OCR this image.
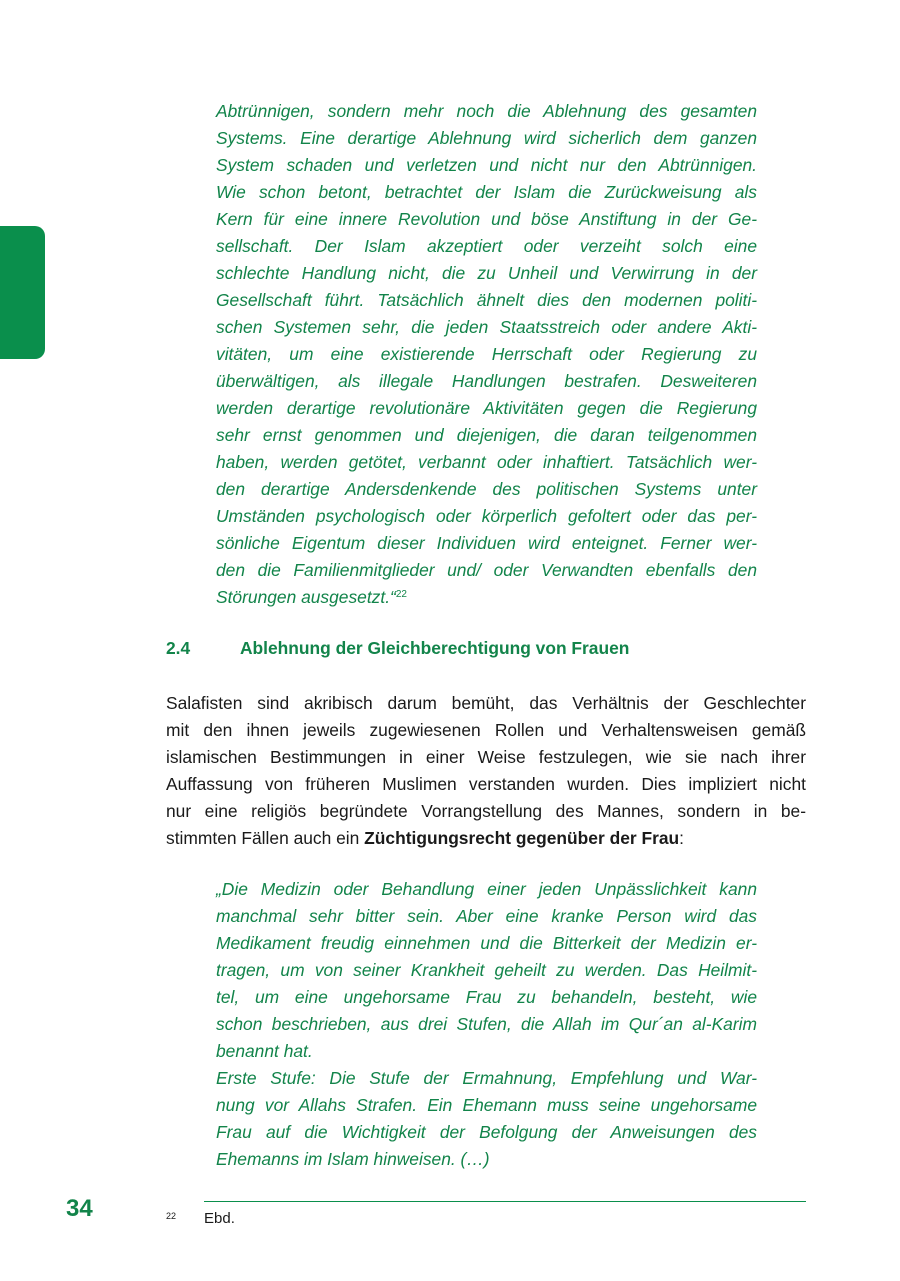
Abtrünnigen, sondern mehr noch die Ablehnung des gesamten
Systems. Eine derartige Ablehnung wird sicherlich dem ganzen
System schaden und verletzen und nicht nur den Abtrünnigen.
Wie schon betont, betrachtet der Islam die Zurückweisung als
Kern für eine innere Revolution und böse Anstiftung in der Ge-
sellschaft. Der Islam akzeptiert oder verzeiht solch eine
schlechte Handlung nicht, die zu Unheil und Verwirrung in der
Gesellschaft führt. Tatsächlich ähnelt dies den modernen politi-
schen Systemen sehr, die jeden Staatsstreich oder andere Akti-
vitäten, um eine existierende Herrschaft oder Regierung zu
überwältigen, als illegale Handlungen bestrafen. Desweiteren
werden derartige revolutionäre Aktivitäten gegen die Regierung
sehr ernst genommen und diejenigen, die daran teilgenommen
haben, werden getötet, verbannt oder inhaftiert. Tatsächlich wer-
den derartige Andersdenkende des politischen Systems unter
Umständen psychologisch oder körperlich gefoltert oder das per-
sönliche Eigentum dieser Individuen wird enteignet. Ferner wer-
den die Familienmitglieder und/ oder Verwandten ebenfalls den
Störungen ausgesetzt.“$^{22}$
2.4	Ablehnung der Gleichberechtigung von Frauen
Salafisten sind akribisch darum bemüht, das Verhältnis der Geschlechter
mit den ihnen jeweils zugewiesenen Rollen und Verhaltensweisen gemäß
islamischen Bestimmungen in einer Weise festzulegen, wie sie nach ihrer
Auffassung von früheren Muslimen verstanden wurden. Dies impliziert nicht
nur eine religiös begründete Vorrangstellung des Mannes, sondern in be-
stimmten Fällen auch ein Züchtigungsrecht gegenüber der Frau:
„Die Medizin oder Behandlung einer jeden Unpässlichkeit kann
manchmal sehr bitter sein. Aber eine kranke Person wird das
Medikament freudig einnehmen und die Bitterkeit der Medizin er-
tragen, um von seiner Krankheit geheilt zu werden. Das Heilmit-
tel, um eine ungehorsame Frau zu behandeln, besteht, wie
schon beschrieben, aus drei Stufen, die Allah im Qur´an al-Karim
benannt hat.
Erste Stufe: Die Stufe der Ermahnung, Empfehlung und War-
nung vor Allahs Strafen. Ein Ehemann muss seine ungehorsame
Frau auf die Wichtigkeit der Befolgung der Anweisungen des
Ehemanns im Islam hinweisen. (…)
34	22 Ebd.
